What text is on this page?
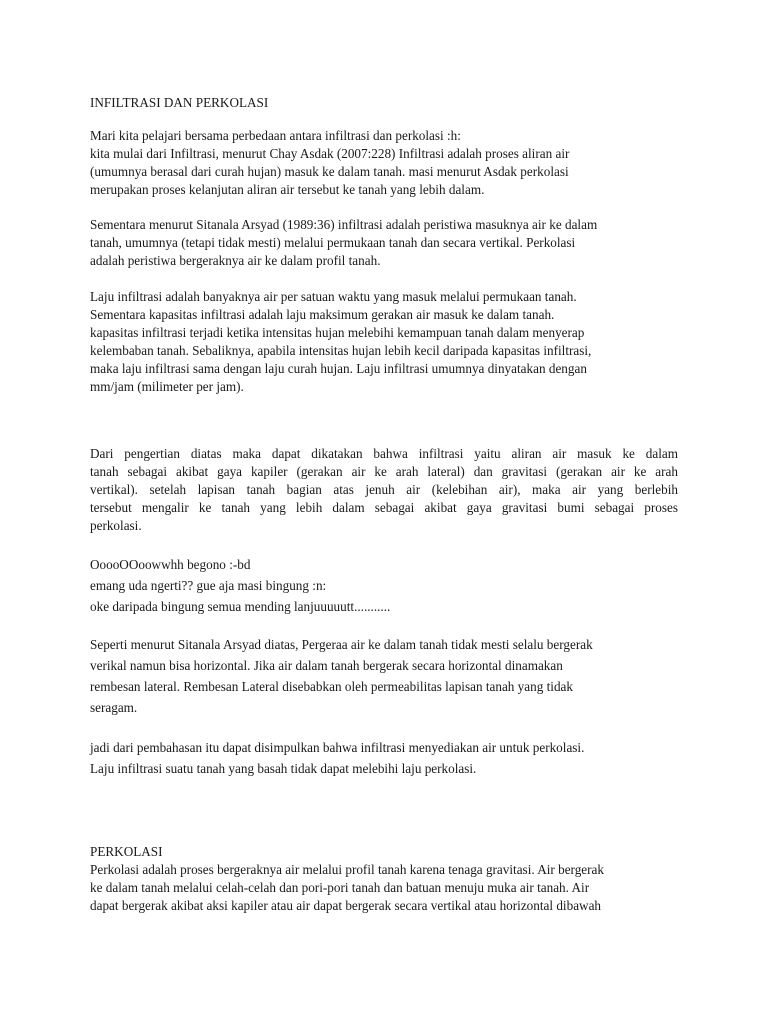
INFILTRASI DAN PERKOLASI
Mari kita pelajari bersama perbedaan antara infiltrasi dan perkolasi :h:
kita mulai dari Infiltrasi, menurut Chay Asdak (2007:228) Infiltrasi adalah proses aliran air
(umumnya berasal dari curah hujan) masuk ke dalam tanah. masi menurut Asdak perkolasi
merupakan proses kelanjutan aliran air tersebut ke tanah yang lebih dalam.
Sementara menurut Sitanala Arsyad (1989:36) infiltrasi adalah peristiwa masuknya air ke dalam
tanah, umumnya (tetapi tidak mesti) melalui permukaan tanah dan secara vertikal. Perkolasi
adalah peristiwa bergeraknya air ke dalam profil tanah.
Laju infiltrasi adalah banyaknya air per satuan waktu yang masuk melalui permukaan tanah.
Sementara kapasitas infiltrasi adalah laju maksimum gerakan air masuk ke dalam tanah.
kapasitas infiltrasi terjadi ketika intensitas hujan melebihi kemampuan tanah dalam menyerap
kelembaban tanah. Sebaliknya, apabila intensitas hujan lebih kecil daripada kapasitas infiltrasi,
maka laju infiltrasi sama dengan laju curah hujan. Laju infiltrasi umumnya dinyatakan dengan
mm/jam (milimeter per jam).
Dari pengertian diatas maka dapat dikatakan bahwa infiltrasi yaitu aliran air masuk ke dalam
tanah sebagai akibat gaya kapiler (gerakan air ke arah lateral) dan gravitasi (gerakan air ke arah
vertikal). setelah lapisan tanah bagian atas jenuh air (kelebihan air), maka air yang berlebih
tersebut mengalir ke tanah yang lebih dalam sebagai akibat gaya gravitasi bumi sebagai proses
perkolasi.
OoooOOoowwhh begono :-bd
emang uda ngerti?? gue aja masi bingung :n:
oke daripada bingung semua mending lanjuuuuutt...........
Seperti menurut Sitanala Arsyad diatas, Pergeraa air ke dalam tanah tidak mesti selalu bergerak
verikal namun bisa horizontal. Jika air dalam tanah bergerak secara horizontal dinamakan
rembesan lateral. Rembesan Lateral disebabkan oleh permeabilitas lapisan tanah yang tidak
seragam.
jadi dari pembahasan itu dapat disimpulkan bahwa infiltrasi menyediakan air untuk perkolasi.
Laju infiltrasi suatu tanah yang basah tidak dapat melebihi laju perkolasi.
PERKOLASI
Perkolasi adalah proses bergeraknya air melalui profil tanah karena tenaga gravitasi. Air bergerak
ke dalam tanah melalui celah-celah dan pori-pori tanah dan batuan menuju muka air tanah. Air
dapat bergerak akibat aksi kapiler atau air dapat bergerak secara vertikal atau horizontal dibawah
